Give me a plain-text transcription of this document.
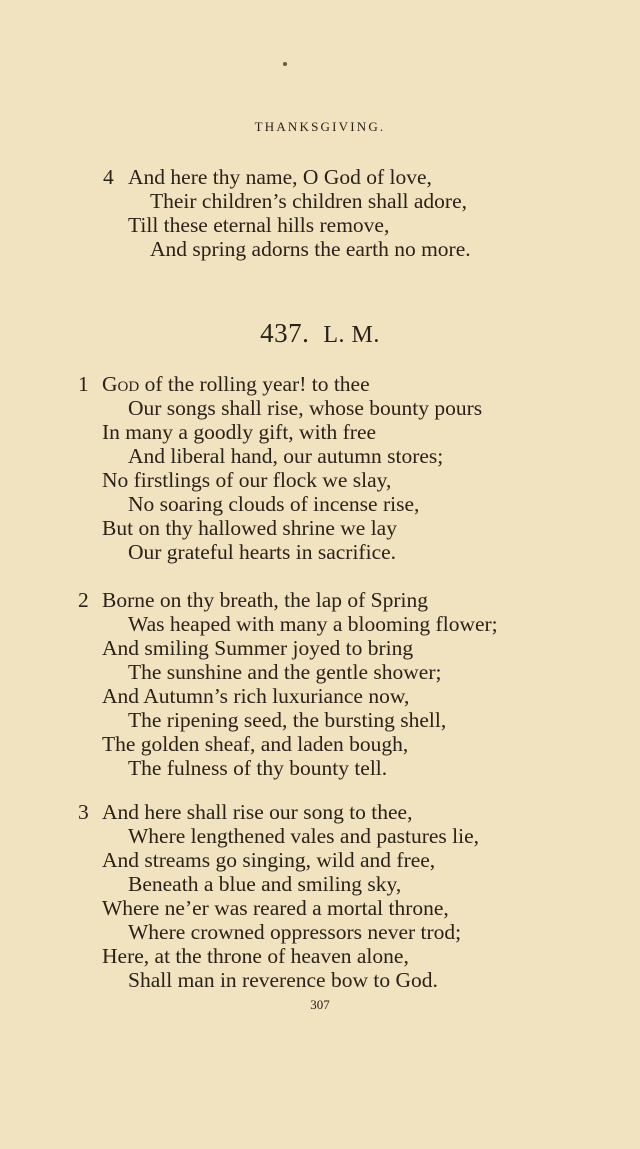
THANKSGIVING.
4 And here thy name, O God of love,
Their children’s children shall adore,
Till these eternal hills remove,
And spring adorns the earth no more.
437. L. M.
1 God of the rolling year! to thee
Our songs shall rise, whose bounty pours
In many a goodly gift, with free
And liberal hand, our autumn stores;
No firstlings of our flock we slay,
No soaring clouds of incense rise,
But on thy hallowed shrine we lay
Our grateful hearts in sacrifice.
2 Borne on thy breath, the lap of Spring
Was heaped with many a blooming flower;
And smiling Summer joyed to bring
The sunshine and the gentle shower;
And Autumn’s rich luxuriance now,
The ripening seed, the bursting shell,
The golden sheaf, and laden bough,
The fulness of thy bounty tell.
3 And here shall rise our song to thee,
Where lengthened vales and pastures lie,
And streams go singing, wild and free,
Beneath a blue and smiling sky,
Where ne’er was reared a mortal throne,
Where crowned oppressors never trod;
Here, at the throne of heaven alone,
Shall man in reverence bow to God.
307
